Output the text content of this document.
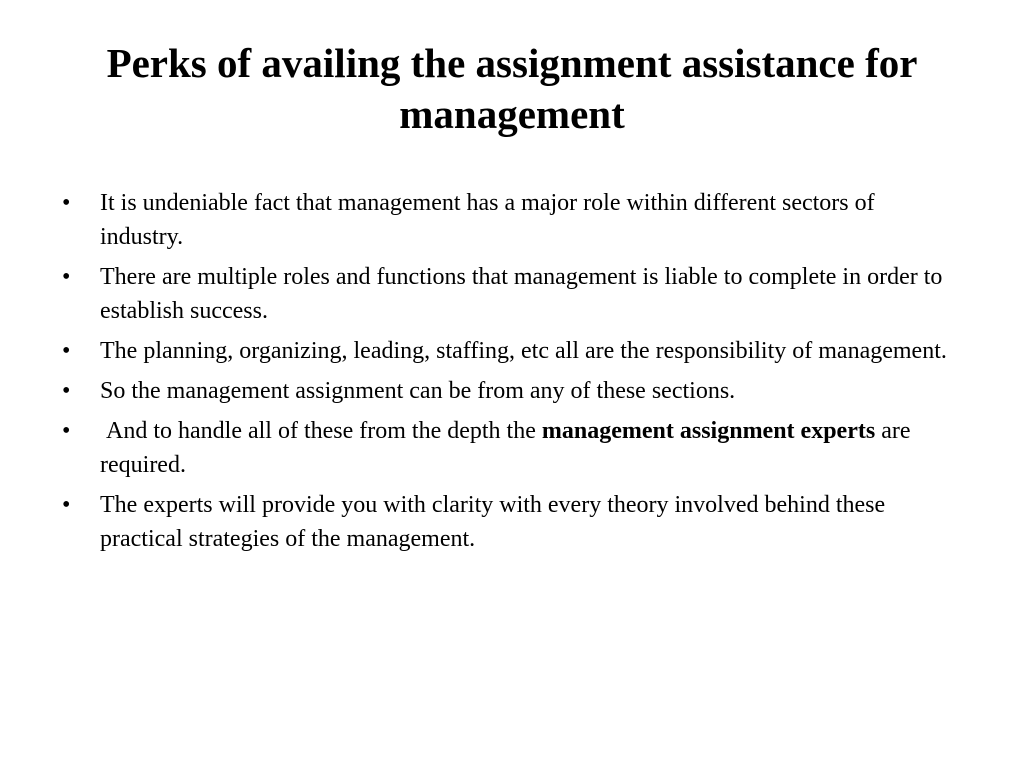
Perks of availing the assignment assistance for management
•	It is undeniable fact that management has a major role within different sectors of industry.
•	There are multiple roles and functions that management is liable to complete in order to establish success.
•	The planning, organizing, leading, staffing, etc all are the responsibility of management.
•	So the management assignment can be from any of these sections.
•	And to handle all of these from the depth the management assignment experts are required.
•	The experts will provide you with clarity with every theory involved behind these practical strategies of the management.
